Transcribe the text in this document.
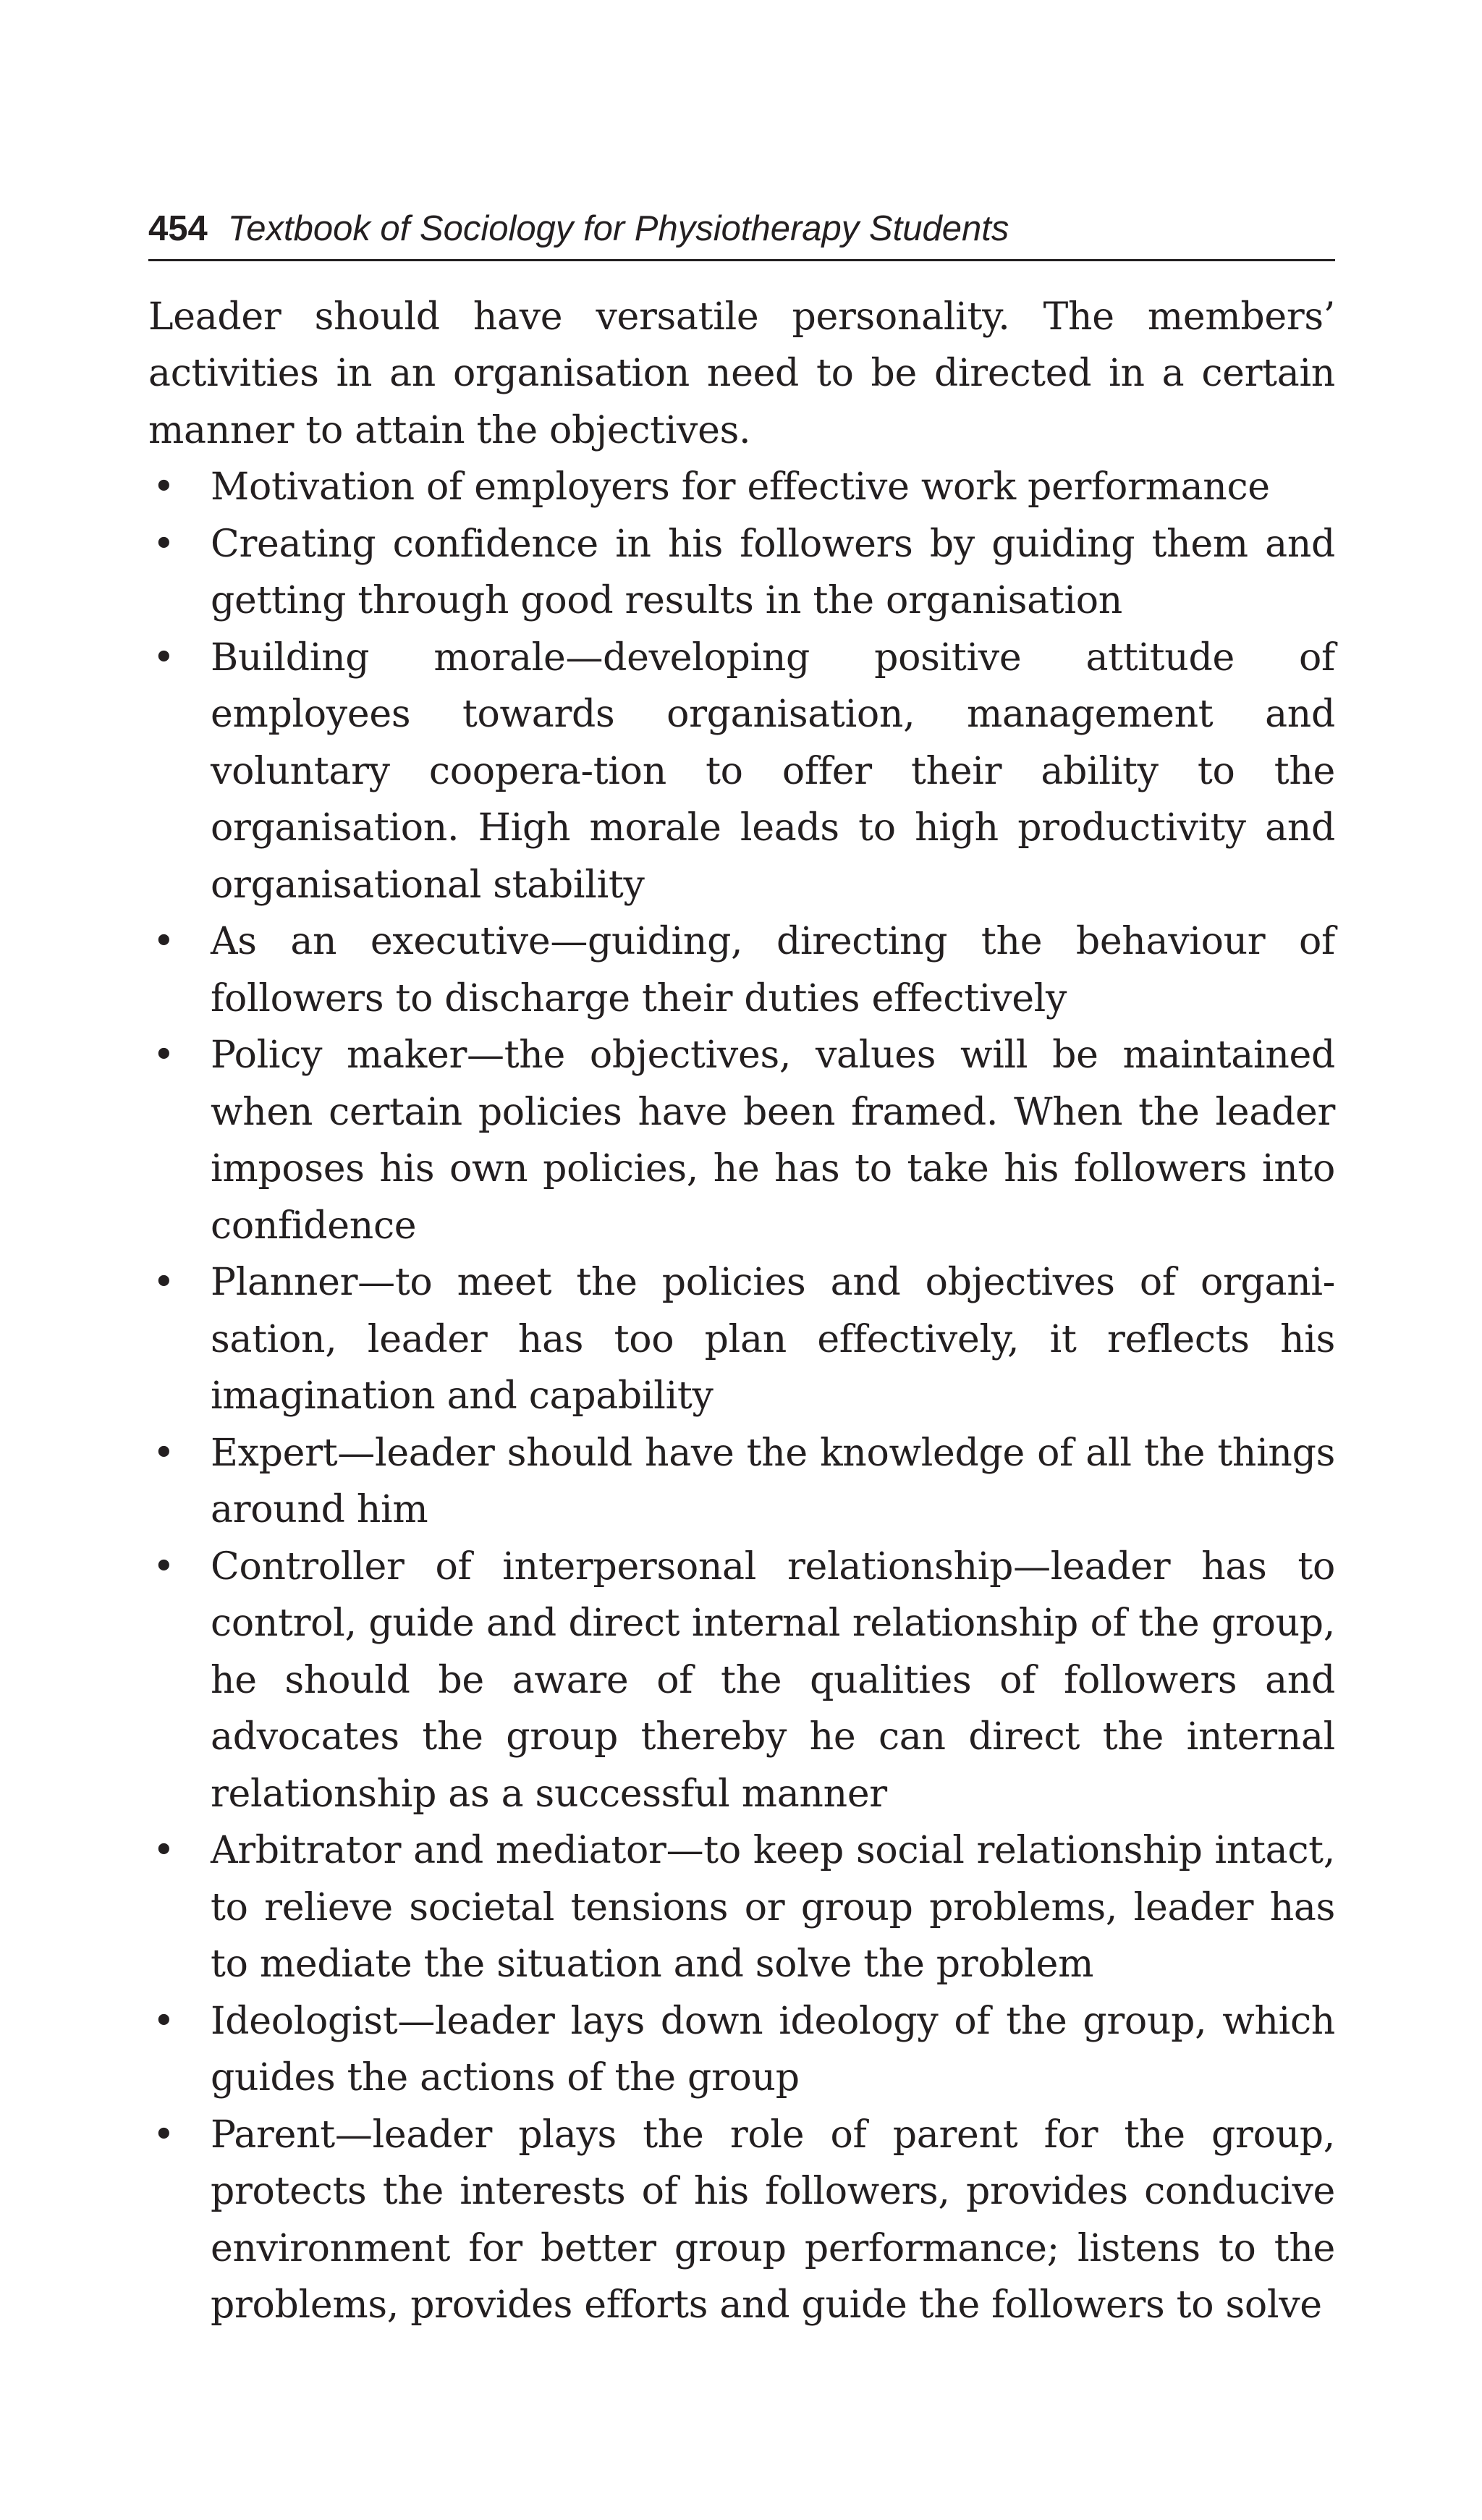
454 Textbook of Sociology for Physiotherapy Students

Leader should have versatile personality. The members’ activities in an organisation need to be directed in a certain manner to attain the objectives.

• Motivation of employers for effective work performance
• Creating confidence in his followers by guiding them and getting through good results in the organisation
• Building morale—developing positive attitude of employees towards organisation, management and voluntary coopera-tion to offer their ability to the organisation. High morale leads to high productivity and organisational stability
• As an executive—guiding, directing the behaviour of followers to discharge their duties effectively
• Policy maker—the objectives, values will be maintained when certain policies have been framed. When the leader imposes his own policies, he has to take his followers into confidence
• Planner—to meet the policies and objectives of organi-sation, leader has too plan effectively, it reflects his imagination and capability
• Expert—leader should have the knowledge of all the things around him
• Controller of interpersonal relationship—leader has to control, guide and direct internal relationship of the group, he should be aware of the qualities of followers and advocates the group thereby he can direct the internal relationship as a successful manner
• Arbitrator and mediator—to keep social relationship intact, to relieve societal tensions or group problems, leader has to mediate the situation and solve the problem
• Ideologist—leader lays down ideology of the group, which guides the actions of the group
• Parent—leader plays the role of parent for the group, protects the interests of his followers, provides conducive environment for better group performance; listens to the problems, provides efforts and guide the followers to solve
